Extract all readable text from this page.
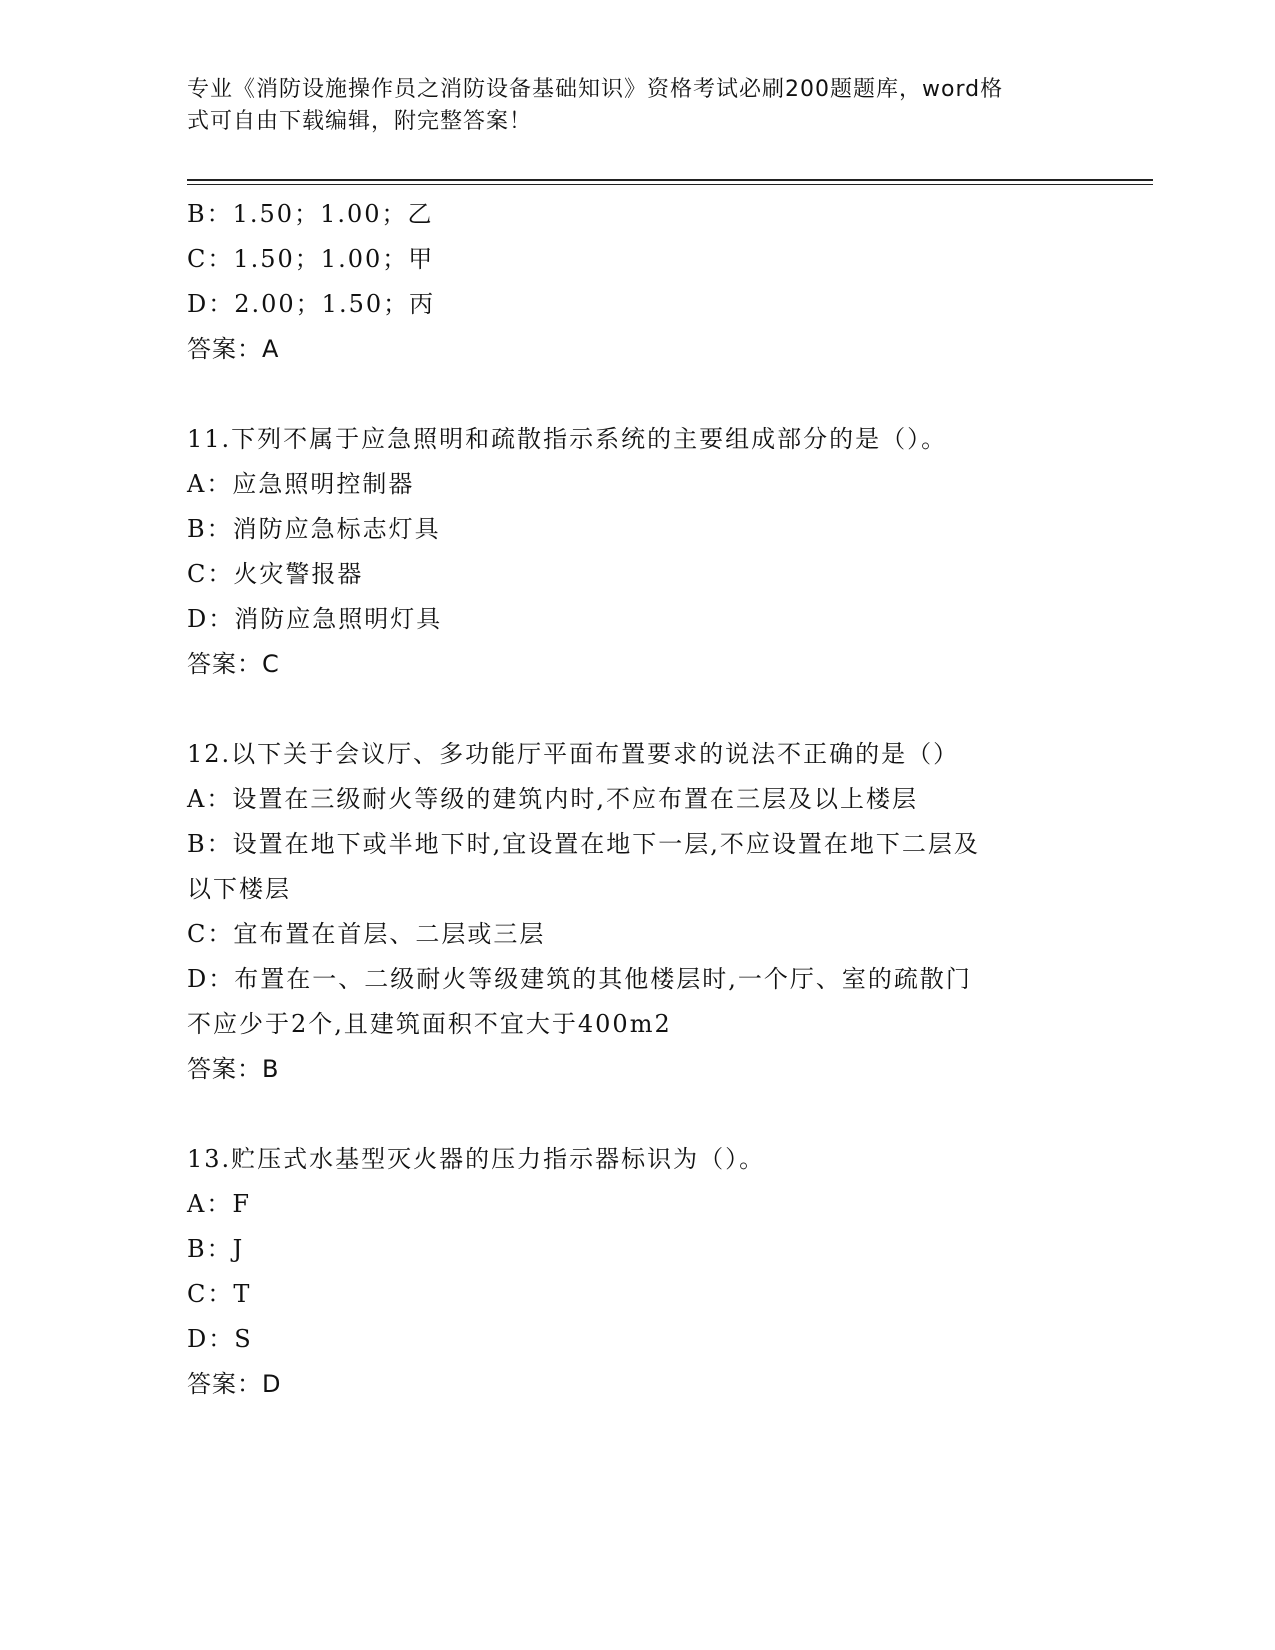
专业《消防设施操作员之消防设备基础知识》资格考试必刷200题题库，word格
式可自由下载编辑，附完整答案！
B：1.50；1.00；乙
C：1.50；1.00；甲
D：2.00；1.50；丙
答案：A
11.下列不属于应急照明和疏散指示系统的主要组成部分的是（）。
A：应急照明控制器
B：消防应急标志灯具
C：火灾警报器
D：消防应急照明灯具
答案：C
12.以下关于会议厅、多功能厅平面布置要求的说法不正确的是（）
A：设置在三级耐火等级的建筑内时,不应布置在三层及以上楼层
B：设置在地下或半地下时,宜设置在地下一层,不应设置在地下二层及
以下楼层
C：宜布置在首层、二层或三层
D：布置在一、二级耐火等级建筑的其他楼层时,一个厅、室的疏散门
不应少于2个,且建筑面积不宜大于400m2
答案：B
13.贮压式水基型灭火器的压力指示器标识为（）。
A：F
B：J
C：T
D：S
答案：D
